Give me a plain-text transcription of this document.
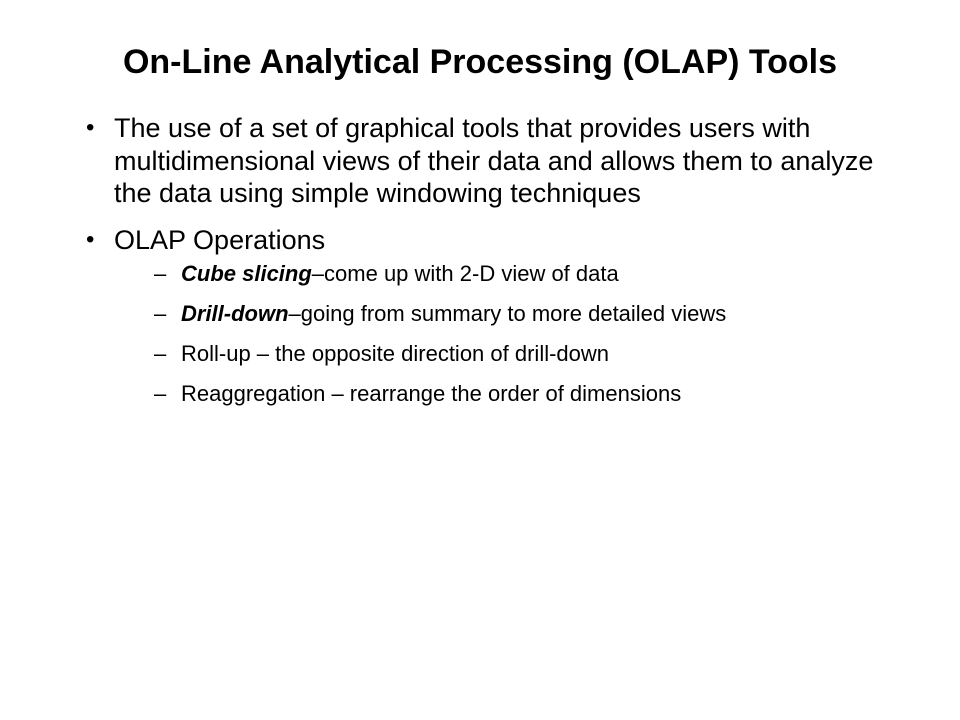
On-Line Analytical Processing (OLAP) Tools
• The use of a set of graphical tools that provides users with multidimensional views of their data and allows them to analyze the data using simple windowing techniques
• OLAP Operations
– Cube slicing–come up with 2-D view of data
– Drill-down–going from summary to more detailed views
– Roll-up – the opposite direction of drill-down
– Reaggregation – rearrange the order of dimensions
